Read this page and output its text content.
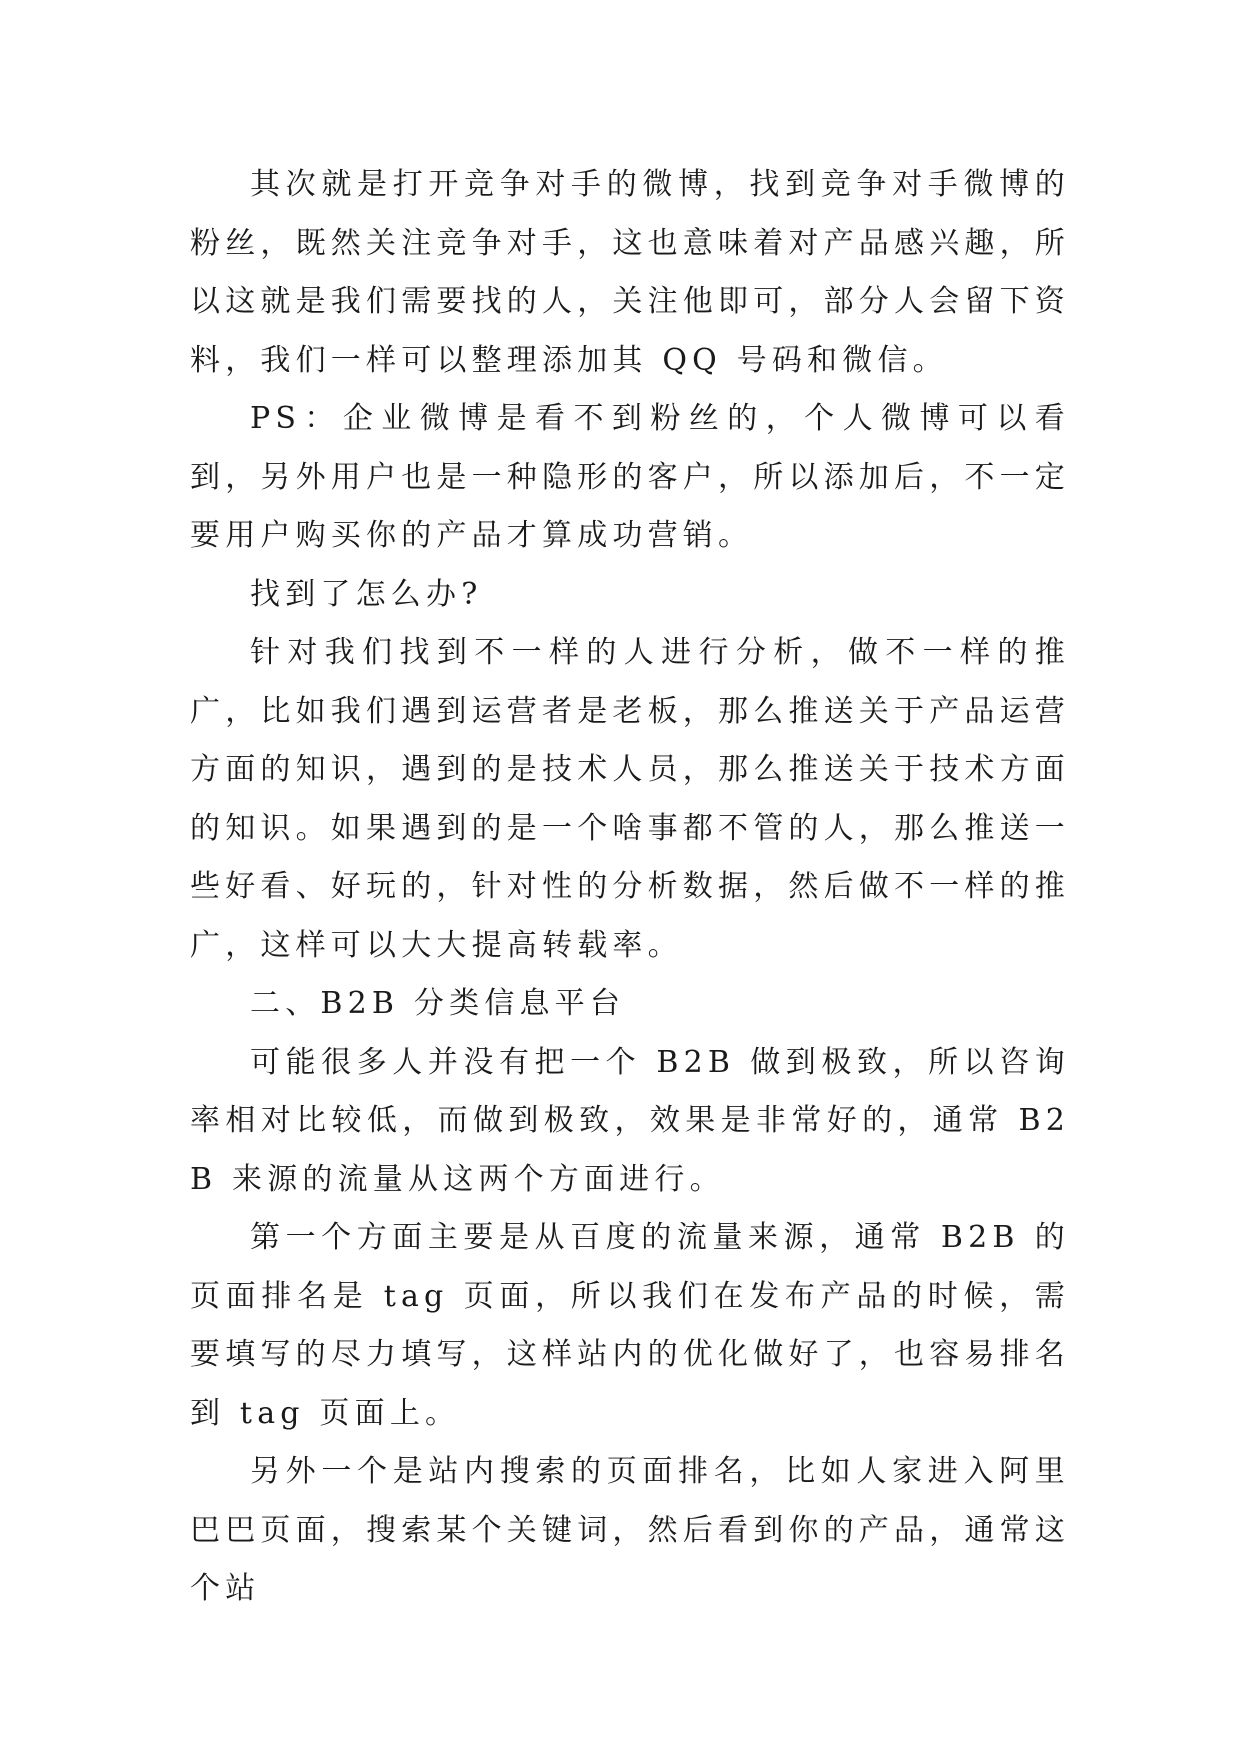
其次就是打开竞争对手的微博，找到竞争对手微博的粉丝，既然关注竞争对手，这也意味着对产品感兴趣，所以这就是我们需要找的人，关注他即可，部分人会留下资料，我们一样可以整理添加其 QQ 号码和微信。

PS：企业微博是看不到粉丝的，个人微博可以看到，另外用户也是一种隐形的客户，所以添加后，不一定要用户购买你的产品才算成功营销。

找到了怎么办?

针对我们找到不一样的人进行分析，做不一样的推广，比如我们遇到运营者是老板，那么推送关于产品运营方面的知识，遇到的是技术人员，那么推送关于技术方面的知识。如果遇到的是一个啥事都不管的人，那么推送一些好看、好玩的，针对性的分析数据，然后做不一样的推广，这样可以大大提高转载率。

二、B2B 分类信息平台

可能很多人并没有把一个 B2B 做到极致，所以咨询率相对比较低，而做到极致，效果是非常好的，通常 B2B 来源的流量从这两个方面进行。

第一个方面主要是从百度的流量来源，通常 B2B 的页面排名是 tag 页面，所以我们在发布产品的时候，需要填写的尽力填写，这样站内的优化做好了，也容易排名到 tag 页面上。

另外一个是站内搜索的页面排名，比如人家进入阿里巴巴页面，搜索某个关键词，然后看到你的产品，通常这个站
